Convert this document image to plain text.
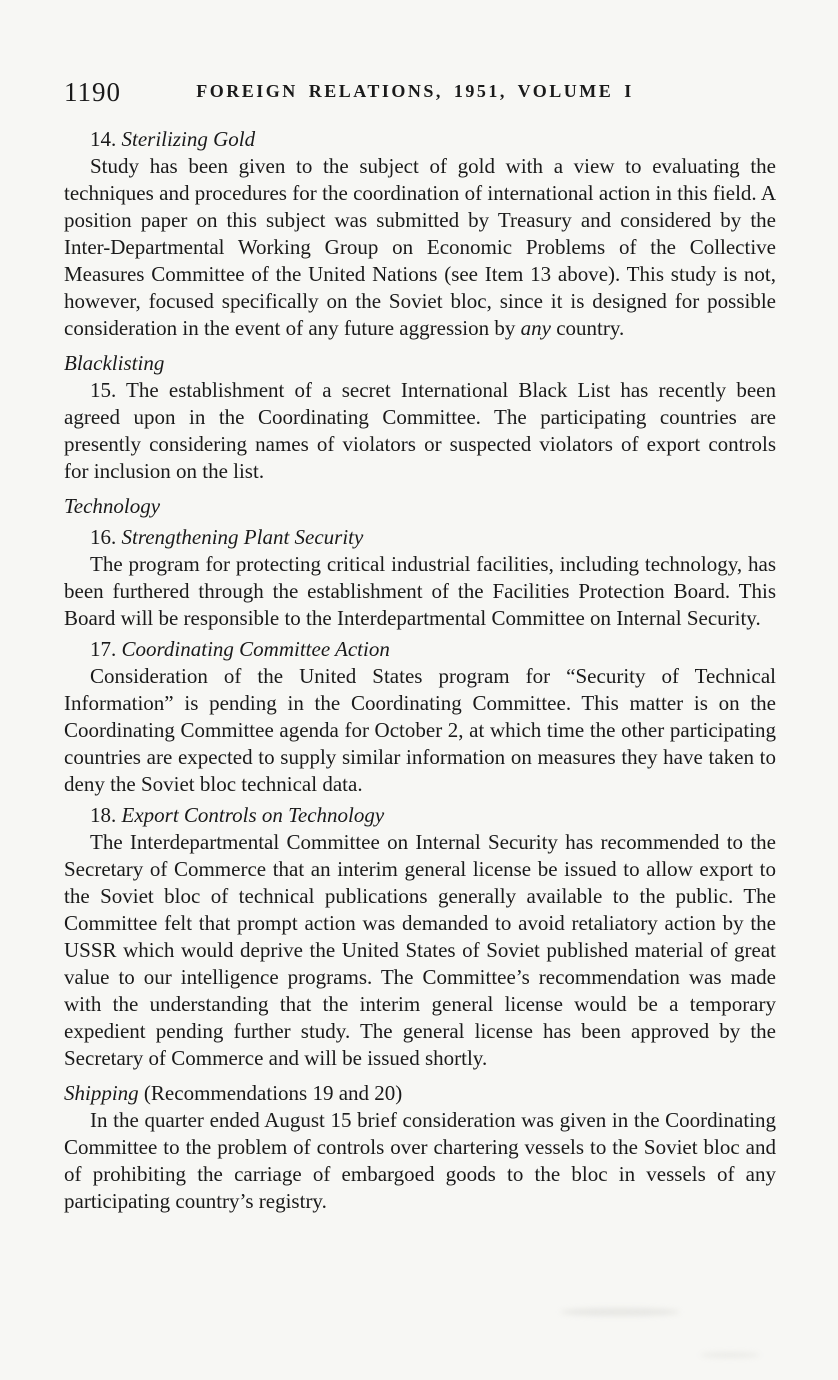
1190	FOREIGN RELATIONS, 1951, VOLUME I
14. Sterilizing Gold

Study has been given to the subject of gold with a view to evaluating the techniques and procedures for the coordination of international action in this field. A position paper on this subject was submitted by Treasury and considered by the Inter-Departmental Working Group on Economic Problems of the Collective Measures Committee of the United Nations (see Item 13 above). This study is not, however, focused specifically on the Soviet bloc, since it is designed for possible consideration in the event of any future aggression by any country.

Blacklisting

15. The establishment of a secret International Black List has recently been agreed upon in the Coordinating Committee. The participating countries are presently considering names of violators or suspected violators of export controls for inclusion on the list.

Technology
16. Strengthening Plant Security

The program for protecting critical industrial facilities, including technology, has been furthered through the establishment of the Facilities Protection Board. This Board will be responsible to the Interdepartmental Committee on Internal Security.

17. Coordinating Committee Action

Consideration of the United States program for “Security of Technical Information” is pending in the Coordinating Committee. This matter is on the Coordinating Committee agenda for October 2, at which time the other participating countries are expected to supply similar information on measures they have taken to deny the Soviet bloc technical data.

18. Export Controls on Technology

The Interdepartmental Committee on Internal Security has recommended to the Secretary of Commerce that an interim general license be issued to allow export to the Soviet bloc of technical publications generally available to the public. The Committee felt that prompt action was demanded to avoid retaliatory action by the USSR which would deprive the United States of Soviet published material of great value to our intelligence programs. The Committee’s recommendation was made with the understanding that the interim general license would be a temporary expedient pending further study. The general license has been approved by the Secretary of Commerce and will be issued shortly.

Shipping (Recommendations 19 and 20)

In the quarter ended August 15 brief consideration was given in the Coordinating Committee to the problem of controls over chartering vessels to the Soviet bloc and of prohibiting the carriage of embargoed goods to the bloc in vessels of any participating country’s registry.
